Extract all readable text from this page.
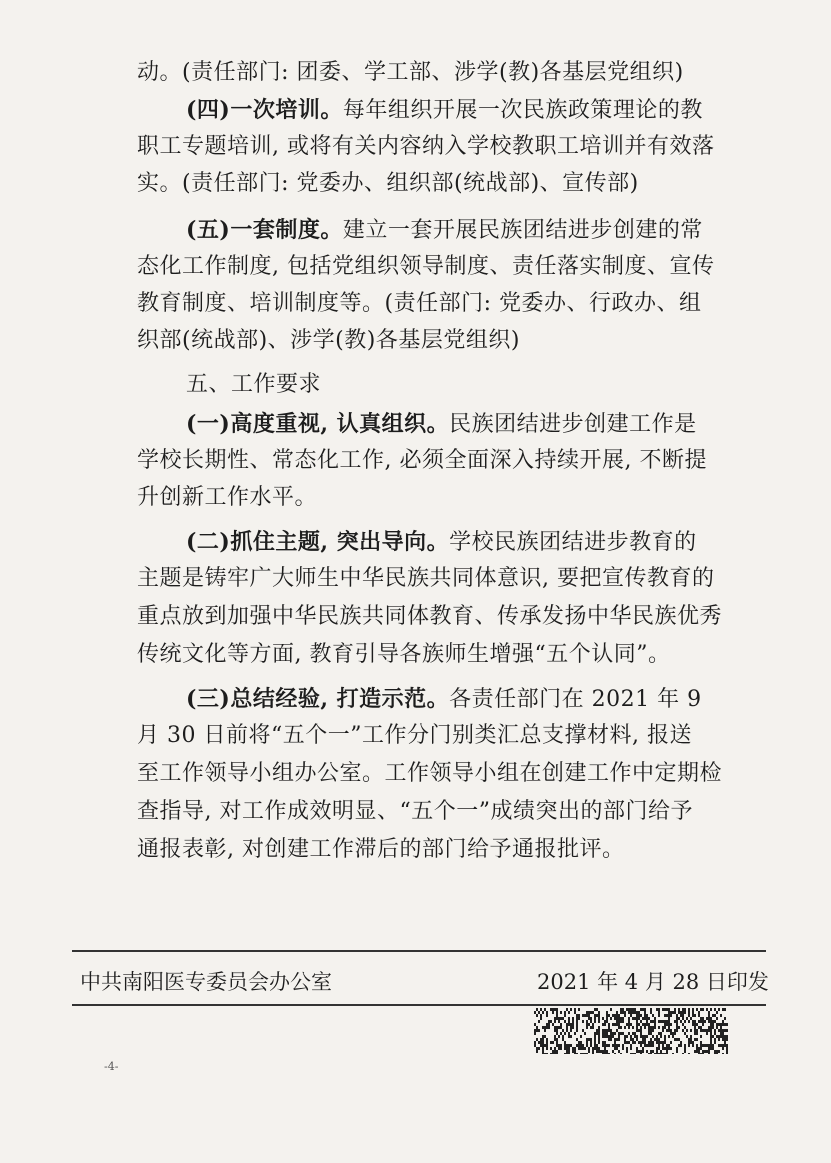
动。(责任部门: 团委、学工部、涉学(教)各基层党组织)
(四)一次培训。每年组织开展一次民族政策理论的教
职工专题培训, 或将有关内容纳入学校教职工培训并有效落
实。(责任部门: 党委办、组织部(统战部)、宣传部)
(五)一套制度。建立一套开展民族团结进步创建的常
态化工作制度, 包括党组织领导制度、责任落实制度、宣传
教育制度、培训制度等。(责任部门: 党委办、行政办、组
织部(统战部)、涉学(教)各基层党组织)
五、工作要求
(一)高度重视, 认真组织。民族团结进步创建工作是
学校长期性、常态化工作, 必须全面深入持续开展, 不断提
升创新工作水平。
(二)抓住主题, 突出导向。学校民族团结进步教育的
主题是铸牢广大师生中华民族共同体意识, 要把宣传教育的
重点放到加强中华民族共同体教育、传承发扬中华民族优秀
传统文化等方面, 教育引导各族师生增强“五个认同”。
(三)总结经验, 打造示范。各责任部门在 2021 年 9
月 30 日前将“五个一”工作分门别类汇总支撑材料, 报送
至工作领导小组办公室。工作领导小组在创建工作中定期检
查指导, 对工作成效明显、“五个一”成绩突出的部门给予
通报表彰, 对创建工作滞后的部门给予通报批评。
中共南阳医专委员会办公室	2021 年 4 月 28 日印发
-4-
